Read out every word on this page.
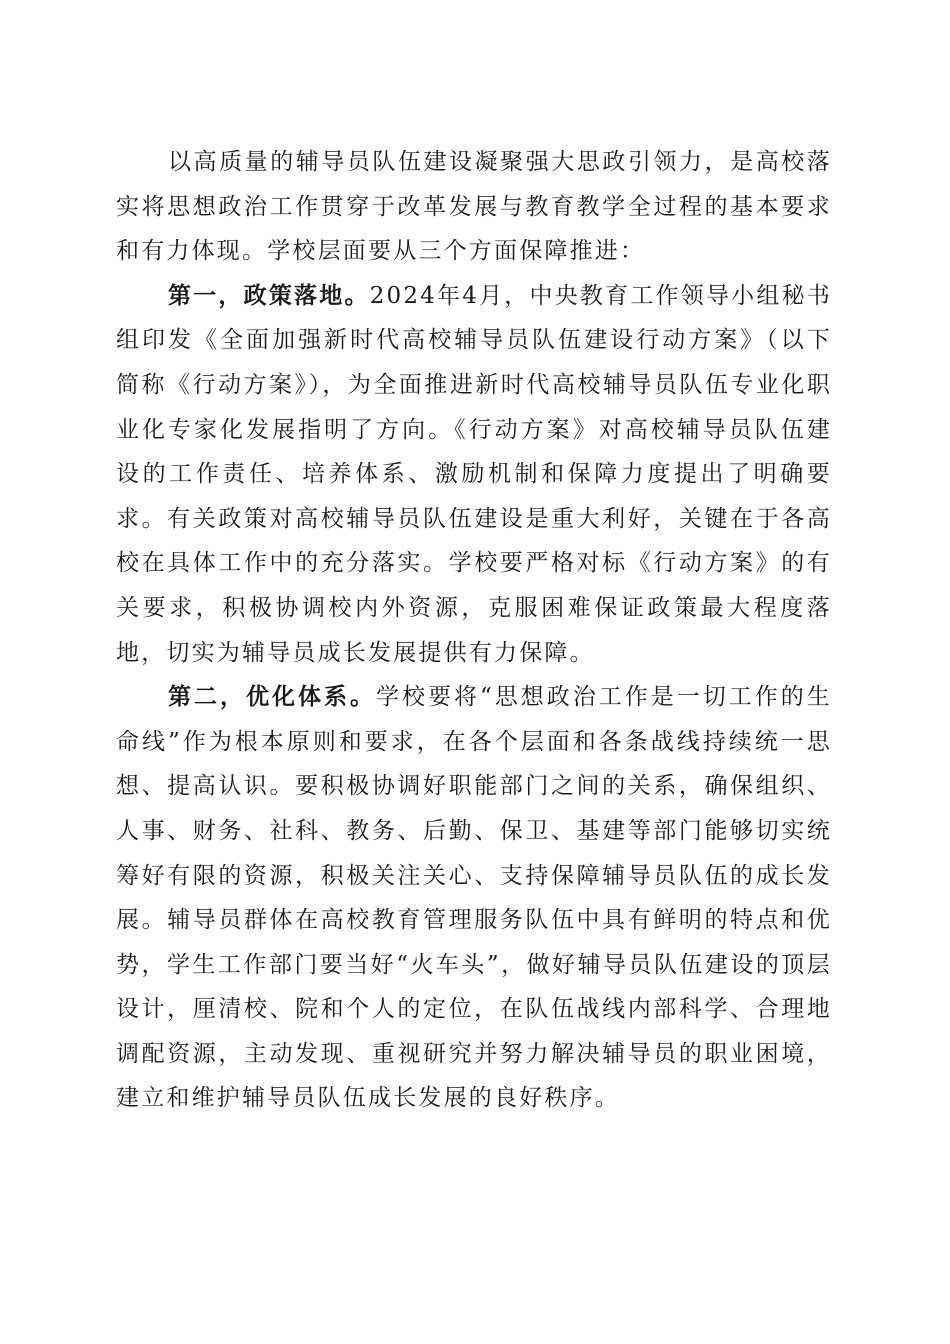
以高质量的辅导员队伍建设凝聚强大思政引领力，是高校落实将思想政治工作贯穿于改革发展与教育教学全过程的基本要求和有力体现。学校层面要从三个方面保障推进：

第一，政策落地。2024年4月，中央教育工作领导小组秘书组印发《全面加强新时代高校辅导员队伍建设行动方案》（以下简称《行动方案》），为全面推进新时代高校辅导员队伍专业化职业化专家化发展指明了方向。《行动方案》对高校辅导员队伍建设的工作责任、培养体系、激励机制和保障力度提出了明确要求。有关政策对高校辅导员队伍建设是重大利好，关键在于各高校在具体工作中的充分落实。学校要严格对标《行动方案》的有关要求，积极协调校内外资源，克服困难保证政策最大程度落地，切实为辅导员成长发展提供有力保障。

第二，优化体系。学校要将“思想政治工作是一切工作的生命线”作为根本原则和要求，在各个层面和各条战线持续统一思想、提高认识。要积极协调好职能部门之间的关系，确保组织、人事、财务、社科、教务、后勤、保卫、基建等部门能够切实统筹好有限的资源，积极关注关心、支持保障辅导员队伍的成长发展。辅导员群体在高校教育管理服务队伍中具有鲜明的特点和优势，学生工作部门要当好“火车头”，做好辅导员队伍建设的顶层设计，厘清校、院和个人的定位，在队伍战线内部科学、合理地调配资源，主动发现、重视研究并努力解决辅导员的职业困境，建立和维护辅导员队伍成长发展的良好秩序。
